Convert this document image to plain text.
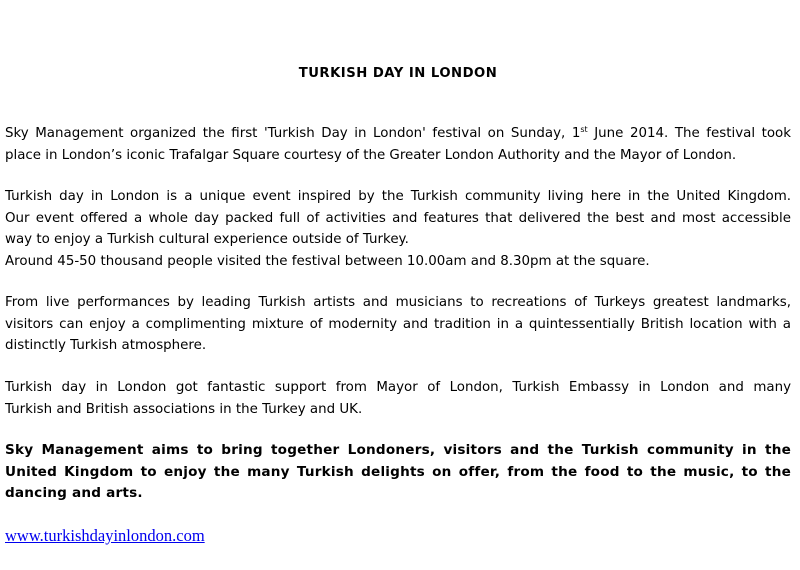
TURKISH DAY IN LONDON

Sky Management organized the first 'Turkish Day in London' festival on Sunday, 1st June 2014. The festival took
place in London’s iconic Trafalgar Square courtesy of the Greater London Authority and the Mayor of London.

Turkish day in London is a unique event inspired by the Turkish community living here in the United Kingdom.
Our event offered a whole day packed full of activities and features that delivered the best and most accessible
way to enjoy a Turkish cultural experience outside of Turkey.
Around 45-50 thousand people visited the festival between 10.00am and 8.30pm at the square.

From live performances by leading Turkish artists and musicians to recreations of Turkeys greatest landmarks,
visitors can enjoy a complimenting mixture of modernity and tradition in a quintessentially British location with a
distinctly Turkish atmosphere.

Turkish day in London got fantastic support from Mayor of London, Turkish Embassy in London and many
Turkish and British associations in the Turkey and UK.

Sky Management aims to bring together Londoners, visitors and the Turkish community in the
United Kingdom to enjoy the many Turkish delights on offer, from the food to the music, to the
dancing and arts.

www.turkishdayinlondon.com
